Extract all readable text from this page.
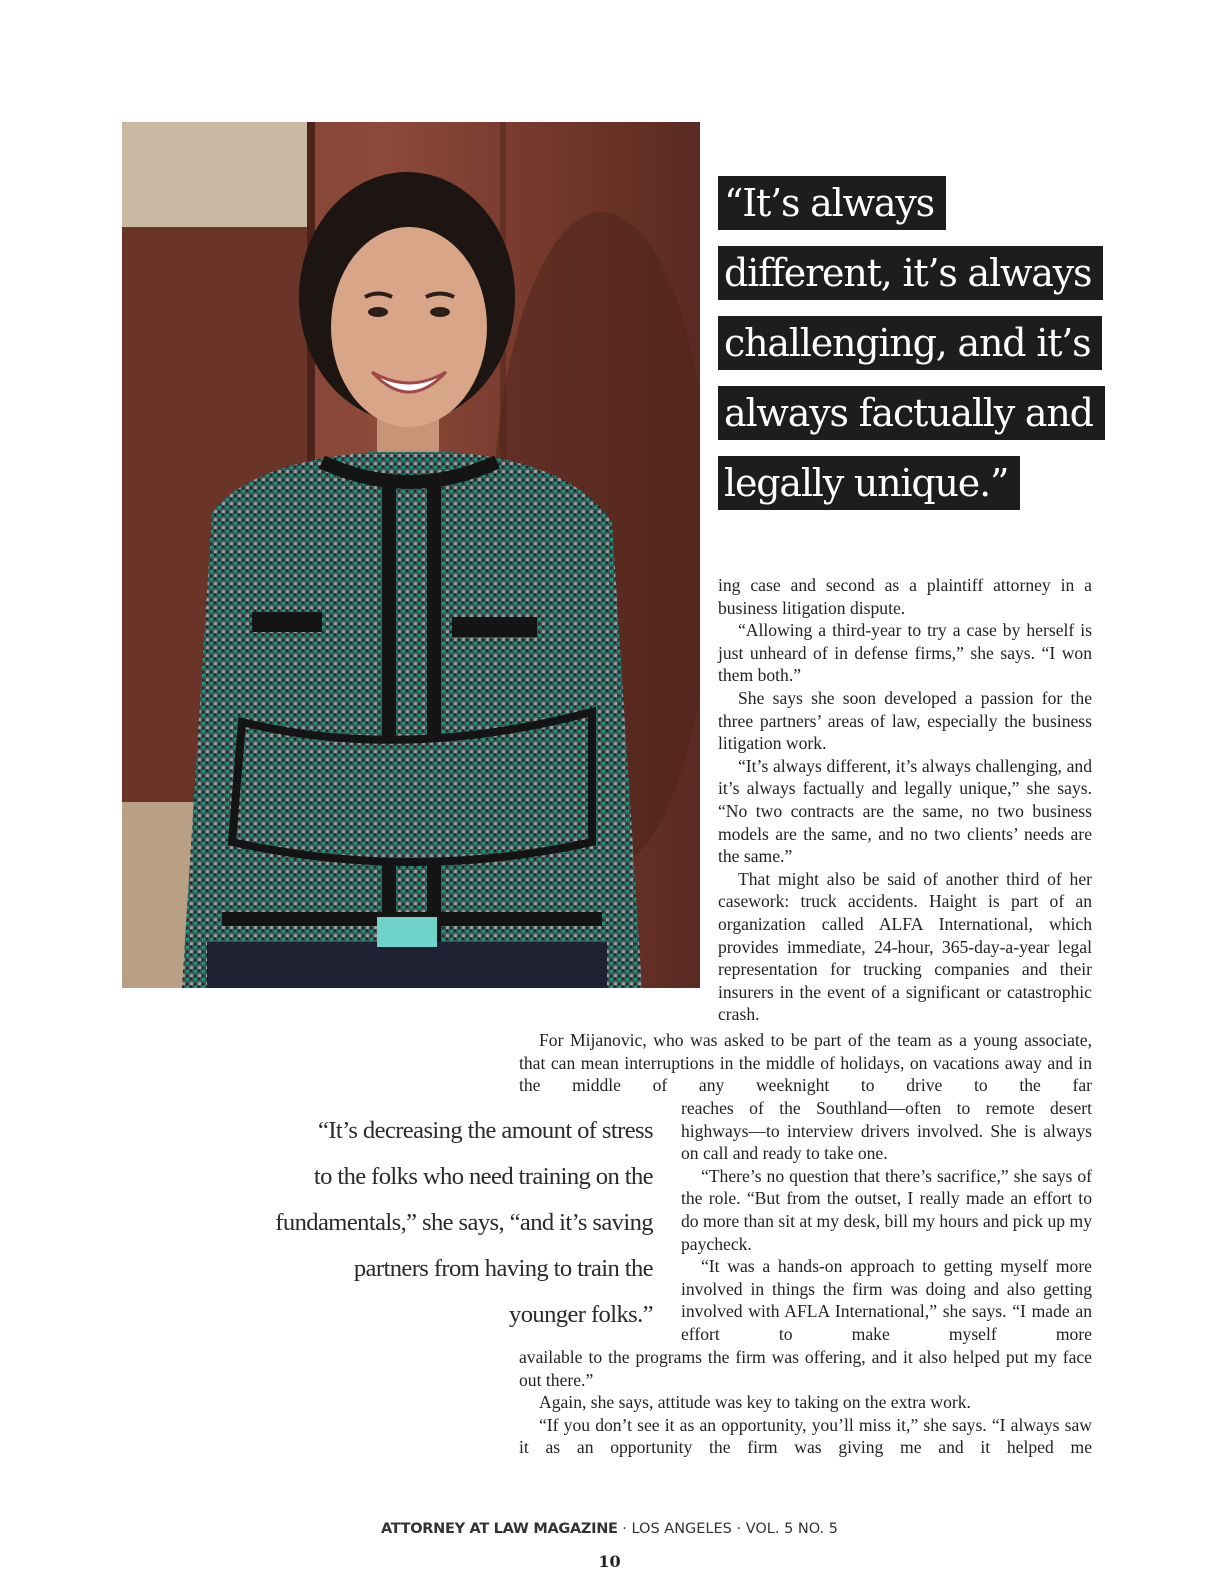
“It’s always
different, it’s always
challenging, and it’s
always factually and
legally unique.”

ing case and second as a plaintiff attorney in a business litigation dispute.

“Allowing a third-year to try a case by herself is just unheard of in defense firms,” she says. “I won them both.”

She says she soon developed a passion for the three partners’ areas of law, especially the business litigation work.

“It’s always different, it’s always challenging, and it’s always factually and legally unique,” she says. “No two contracts are the same, no two business models are the same, and no two clients’ needs are the same.”

That might also be said of another third of her casework: truck accidents. Haight is part of an organization called ALFA International, which provides immediate, 24-hour, 365-day-a-year legal representation for trucking companies and their insurers in the event of a significant or catastrophic crash.

For Mijanovic, who was asked to be part of the team as a young associate, that can mean interruptions in the middle of holidays, on vacations away and in the middle of any weeknight to drive to the far

reaches of the Southland—often to remote desert highways—to interview drivers involved. She is always on call and ready to take one.

“There’s no question that there’s sacrifice,” she says of the role. “But from the outset, I really made an effort to do more than sit at my desk, bill my hours and pick up my paycheck.

“It was a hands-on approach to getting myself more involved in things the firm was doing and also getting involved with AFLA International,” she says. “I made an effort to make myself more

available to the programs the firm was offering, and it also helped put my face out there.”

Again, she says, attitude was key to taking on the extra work.

“If you don’t see it as an opportunity, you’ll miss it,” she says. “I always saw it as an opportunity the firm was giving me and it helped me

“It’s decreasing the amount of stress
to the folks who need training on the
fundamentals,” she says, “and it’s saving
partners from having to train the
younger folks.”
ATTORNEY AT LAW MAGAZINE · LOS ANGELES · VOL. 5 NO. 5
10
